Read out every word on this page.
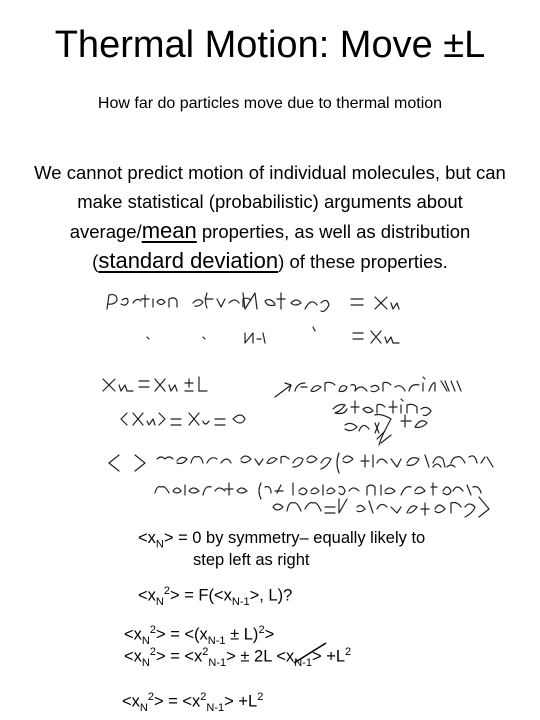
Thermal Motion: Move ±L
How far do particles move due to thermal motion
We cannot predict motion of individual molecules, but can make statistical (probabilistic) arguments about average/mean properties, as well as distribution (standard deviation) of these properties.
$<x_N> = 0$ by symmetry– equally likely to
step left as right
$<x_N^2> = F(<x_{N-1}>$, L)?
$<x_N^2> = <(x_{N-1} \pm L)^2>$
$<x_N^2> = <x^2_{N-1}> \pm 2L <x_{N-1}> +L^2$
$<x_N^2> = <x^2_{N-1}> +L^2$
